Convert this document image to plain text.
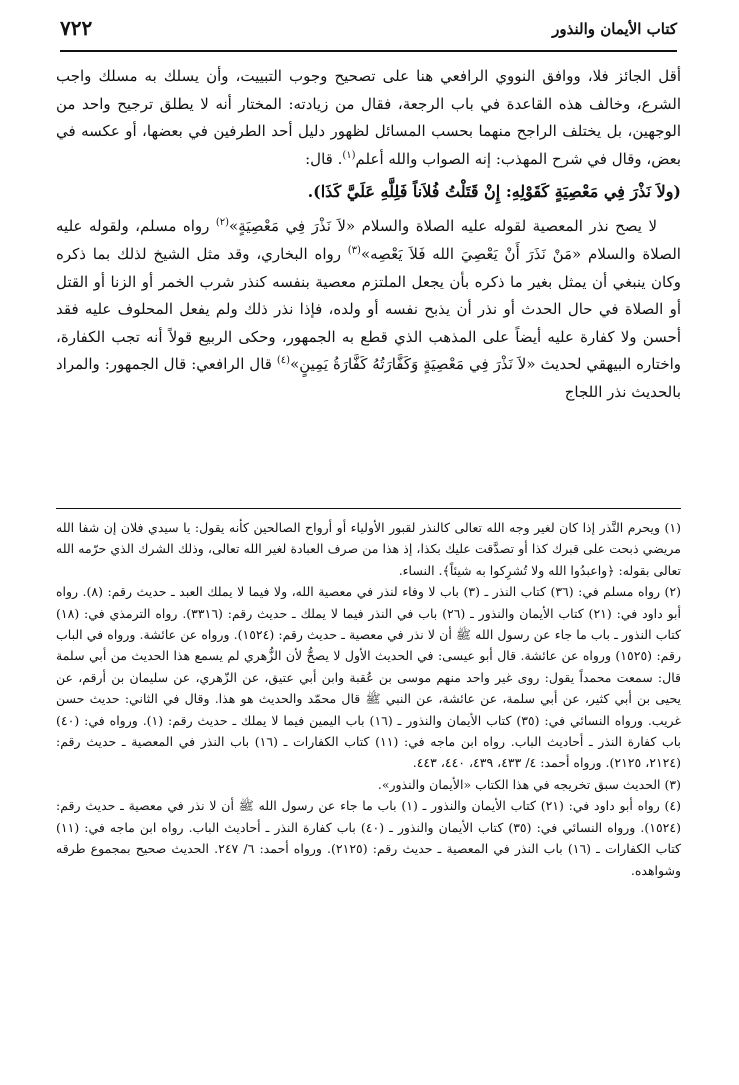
٧٢٢	كتاب الأيمان والنذور

أقل الجائز فلا، ووافق النووي الرافعي هنا على تصحيح وجوب التبييت، وأن يسلك به مسلك واجب الشرع، وخالف هذه القاعدة في باب الرجعة، فقال من زيادته: المختار أنه لا يطلق ترجيح واحد من الوجهين، بل يختلف الراجح منهما بحسب المسائل لظهور دليل أحد الطرفين في بعضها، أو عكسه في بعض، وقال في شرح المهذب: إنه الصواب والله أعلم$^{(١)}$. قال:

(ولاَ نَذْرَ فِي مَعْصِيَةٍ كَقَوْلِهِ: إِنْ قَتَلْتُ فُلاَناً فَلِلَّهِ عَلَيَّ كَذَا).

لا يصح نذر المعصية لقوله عليه الصلاة والسلام «لاَ نَذْرَ فِي مَعْصِيَةٍ»$^{(٢)}$ رواه مسلم، ولقوله عليه الصلاة والسلام «مَنْ نَذَرَ أَنْ يَعْصِيَ الله فَلاَ يَعْصِه»$^{(٣)}$ رواه البخاري، وقد مثل الشيخ لذلك بما ذكره وكان ينبغي أن يمثل بغير ما ذكره بأن يجعل الملتزم معصية بنفسه كنذر شرب الخمر أو الزنا أو القتل أو الصلاة في حال الحدث أو نذر أن يذبح نفسه أو ولده، فإذا نذر ذلك ولم يفعل المحلوف عليه فقد أحسن ولا كفارة عليه أيضاً على المذهب الذي قطع به الجمهور، وحكى الربيع قولاً أنه تجب الكفارة، واختاره البيهقي لحديث «لاَ نَذْرَ فِي مَعْصِيَةٍ وَكَفَّارَتُهُ كَفَّارَةُ يَمِينٍ»$^{(٤)}$ قال الرافعي: قال الجمهور: والمراد بالحديث نذر اللجاج

(١) ويحرم النَّذر إذا كان لغير وجه الله تعالى كالنذر لقبور الأولياء أو أرواح الصالحين كأنه يقول: يا سيدي فلان إن شفا الله مريضي ذبحت على قبرك كذا أو تصدَّقت عليك بكذا، إذ هذا من صرف العبادة لغير الله تعالى، وذلك الشرك الذي حرّمه الله تعالى بقوله: ﴿واعبدُوا الله ولا تُشرِكوا به شيئاً﴾. النساء.

(٢) رواه مسلم في: (٣٦) كتاب النذر ـ (٣) باب لا وفاء لنذر في معصية الله، ولا فيما لا يملك العبد ـ حديث رقم: (٨). رواه أبو داود في: (٢١) كتاب الأيمان والنذور ـ (٢٦) باب في النذر فيما لا يملك ـ حديث رقم: (٣٣١٦). رواه الترمذي في: (١٨) كتاب النذور ـ باب ما جاء عن رسول الله ﷺ أن لا نذر في معصية ـ حديث رقم: (١٥٢٤). ورواه عن عائشة. ورواه في الباب رقم: (١٥٢٥) ورواه عن عائشة. قال أبو عيسى: في الحديث الأول لا يصحُّ لأن الزُّهري لم يسمع هذا الحديث من أبي سلمة قال: سمعت محمداً يقول: روى غير واحد منهم موسى بن عُقبة وابن أبي عتيق، عن الزّهري، عن سليمان بن أرقم، عن يحيى بن أبي كثير، عن أبي سلمة، عن عائشة، عن النبي ﷺ قال محمّد والحديث هو هذا. وقال في الثاني: حديث حسن غريب. ورواه النسائي في: (٣٥) كتاب الأيمان والنذور ـ (١٦) باب اليمين فيما لا يملك ـ حديث رقم: (١). ورواه في: (٤٠) باب كفارة النذر ـ أحاديث الباب. رواه ابن ماجه في: (١١) كتاب الكفارات ـ (١٦) باب النذر في المعصية ـ حديث رقم: (٢١٢٤، ٢١٢٥). ورواه أحمد: ٤/ ٤٣٣، ٤٣٩، ٤٤٠، ٤٤٣.

(٣) الحديث سبق تخريجه في هذا الكتاب «الأيمان والنذور».

(٤) رواه أبو داود في: (٢١) كتاب الأيمان والنذور ـ (١) باب ما جاء عن رسول الله ﷺ أن لا نذر في معصية ـ حديث رقم: (١٥٢٤). ورواه النسائي في: (٣٥) كتاب الأيمان والنذور ـ (٤٠) باب كفارة النذر ـ أحاديث الباب. رواه ابن ماجه في: (١١) كتاب الكفارات ـ (١٦) باب النذر في المعصية ـ حديث رقم: (٢١٢٥). ورواه أحمد: ٦/ ٢٤٧. الحديث صحيح بمجموع طرقه وشواهده.
